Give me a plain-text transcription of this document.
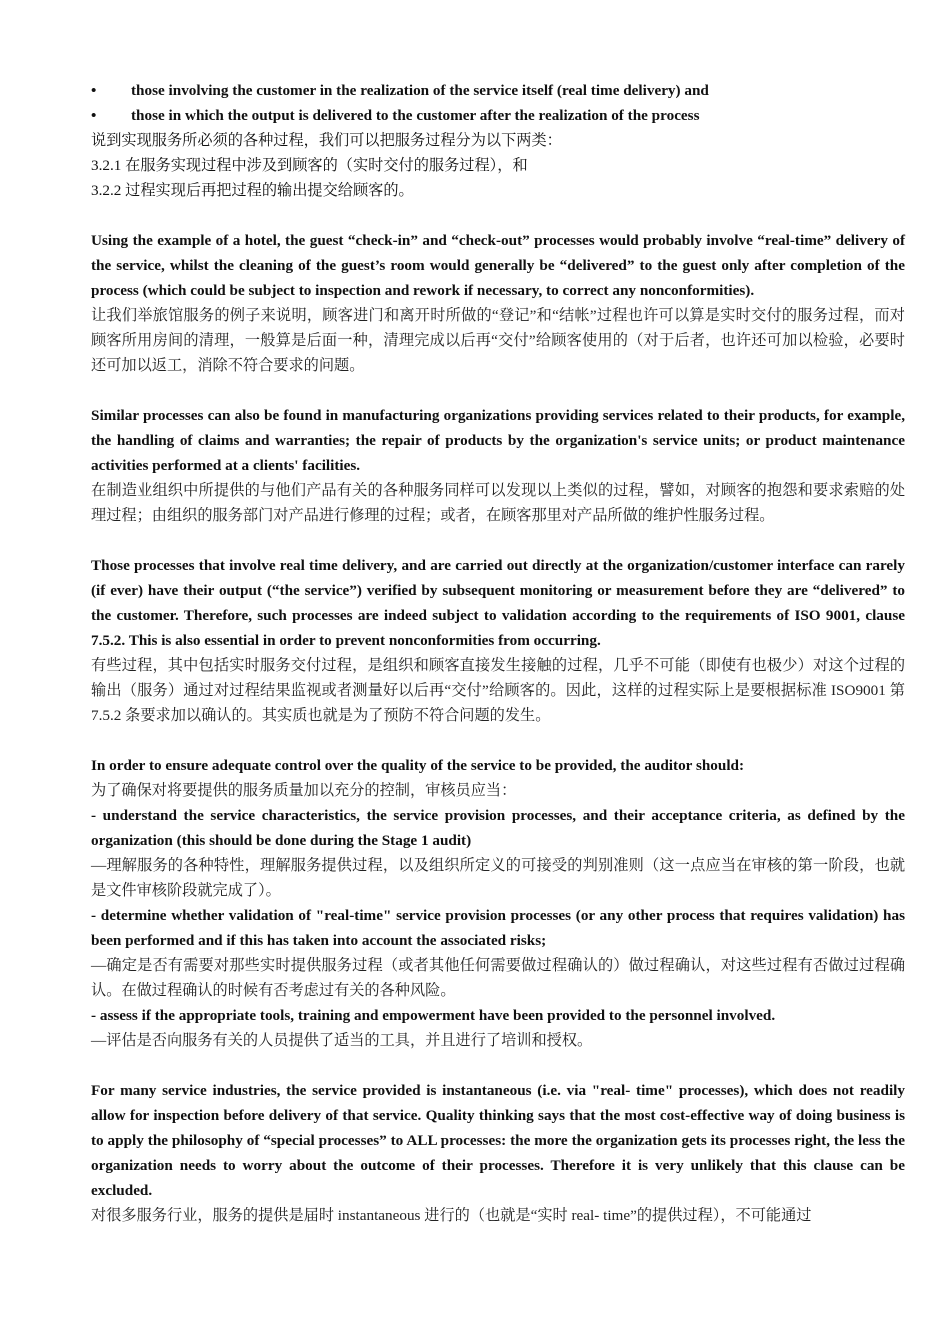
•	those involving the customer in the realization of the service itself (real time delivery) and
•	those in which the output is delivered to the customer after the realization of the process
说到实现服务所必须的各种过程，我们可以把服务过程分为以下两类：
3.2.1 在服务实现过程中涉及到顾客的（实时交付的服务过程），和
3.2.2 过程实现后再把过程的输出提交给顾客的。

Using the example of a hotel, the guest “check-in” and “check-out” processes would probably involve “real-time” delivery of the service, whilst the cleaning of the guest’s room would generally be “delivered” to the guest only after completion of the process (which could be subject to inspection and rework if necessary, to correct any nonconformities).

让我们举旅馆服务的例子来说明，顾客进门和离开时所做的“登记”和“结帐”过程也许可以算是实时交付的服务过程，而对顾客所用房间的清理，一般算是后面一种，清理完成以后再“交付”给顾客使用的（对于后者，也许还可加以检验，必要时还可加以返工，消除不符合要求的问题。

Similar processes can also be found in manufacturing organizations providing services related to their products, for example, the handling of claims and warranties; the repair of products by the organization's service units; or product maintenance activities performed at a clients' facilities.

在制造业组织中所提供的与他们产品有关的各种服务同样可以发现以上类似的过程，譬如，对顾客的抱怨和要求索赔的处理过程；由组织的服务部门对产品进行修理的过程；或者，在顾客那里对产品所做的维护性服务过程。

Those processes that involve real time delivery, and are carried out directly at the organization/customer interface can rarely (if ever) have their output (“the service”) verified by subsequent monitoring or measurement before they are “delivered” to the customer. Therefore, such processes are indeed subject to validation according to the requirements of ISO 9001, clause 7.5.2. This is also essential in order to prevent nonconformities from occurring.

有些过程，其中包括实时服务交付过程，是组织和顾客直接发生接触的过程，几乎不可能（即使有也极少）对这个过程的输出（服务）通过对过程结果监视或者测量好以后再“交付”给顾客的。因此，这样的过程实际上是要根据标准 ISO9001 第 7.5.2 条要求加以确认的。其实质也就是为了预防不符合问题的发生。

In order to ensure adequate control over the quality of the service to be provided, the auditor should:

为了确保对将要提供的服务质量加以充分的控制，审核员应当：

- understand the service characteristics, the service provision processes, and their acceptance criteria, as defined by the organization (this should be done during the Stage 1 audit)

—理解服务的各种特性，理解服务提供过程，以及组织所定义的可接受的判别准则（这一点应当在审核的第一阶段，也就是文件审核阶段就完成了）。

- determine whether validation of "real-time" service provision processes (or any other process that requires validation) has been performed and if this has taken into account the associated risks;

—确定是否有需要对那些实时提供服务过程（或者其他任何需要做过程确认的）做过程确认，对这些过程有否做过过程确认。在做过程确认的时候有否考虑过有关的各种风险。

- assess if the appropriate tools, training and empowerment have been provided to the personnel involved.

—评估是否向服务有关的人员提供了适当的工具，并且进行了培训和授权。

For many service industries, the service provided is instantaneous (i.e. via "real- time" processes), which does not readily allow for inspection before delivery of that service. Quality thinking says that the most cost-effective way of doing business is to apply the philosophy of “special processes” to ALL processes: the more the organization gets its processes right, the less the organization needs to worry about the outcome of their processes. Therefore it is very unlikely that this clause can be excluded.

对很多服务行业，服务的提供是届时 instantaneous 进行的（也就是“实时 real- time”的提供过程），不可能通过
